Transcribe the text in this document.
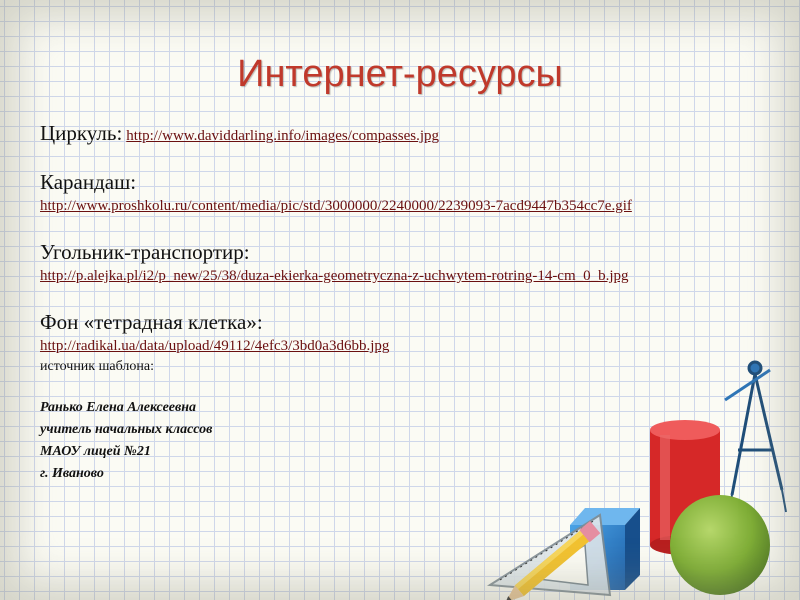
Интернет-ресурсы
Циркуль: http://www.daviddarling.info/images/compasses.jpg
Карандаш:
http://www.proshkolu.ru/content/media/pic/std/3000000/2240000/2239093-7acd9447b354cc7e.gif
Угольник-транспортир:
http://p.alejka.pl/i2/p_new/25/38/duza-ekierka-geometryczna-z-uchwytem-rotring-14-cm_0_b.jpg
Фон «тетрадная клетка»:
http://radikal.ua/data/upload/49112/4efc3/3bd0a3d6bb.jpg
источник шаблона:
Ранько Елена Алексеевна
учитель начальных классов
МАОУ лицей №21
г. Иваново
